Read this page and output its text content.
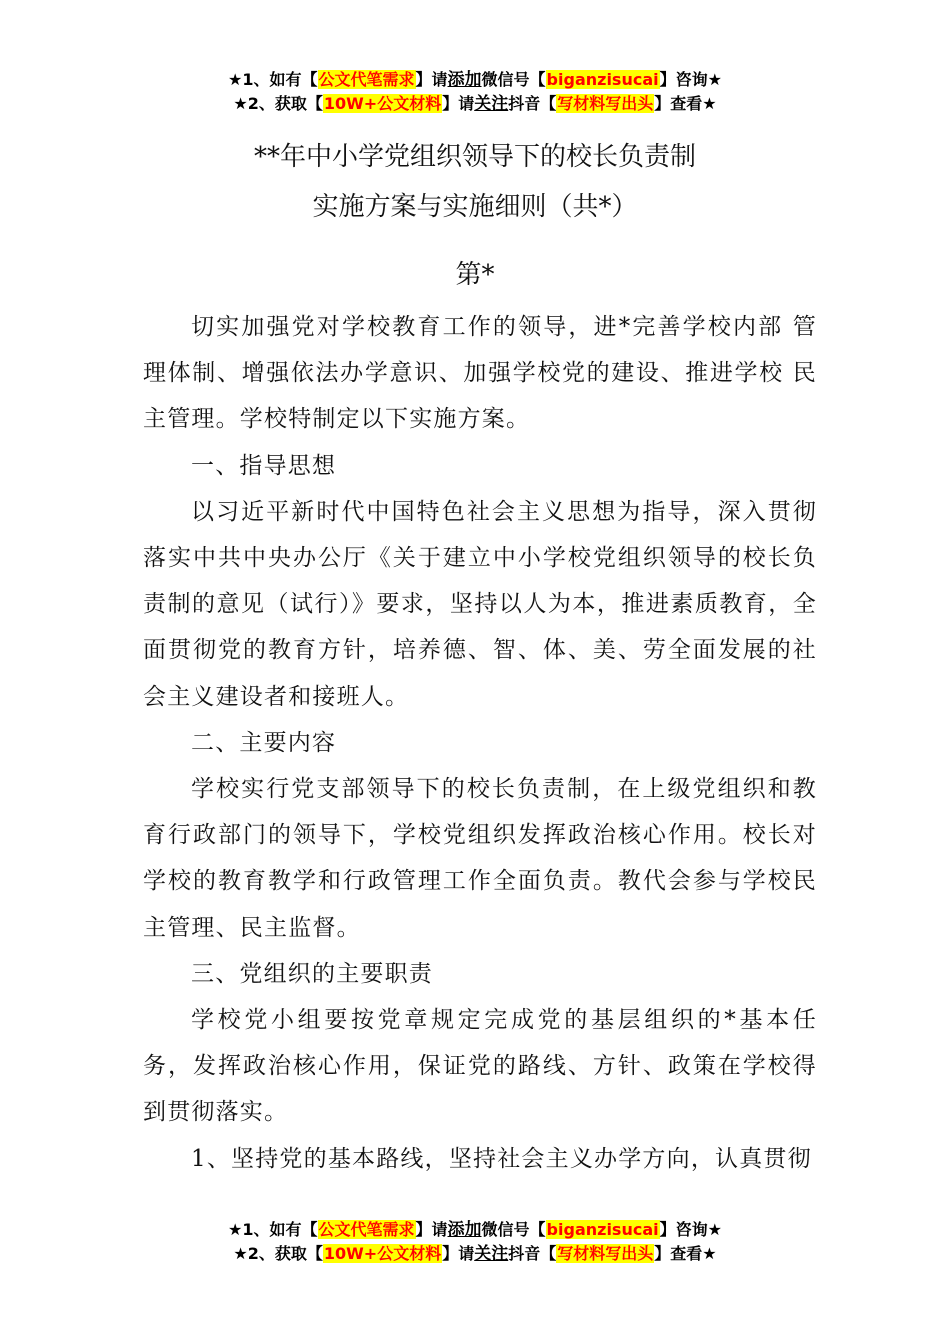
★1、如有【公文代笔需求】请添加微信号【biganzisucai】咨询★
★2、获取【10W+公文材料】请关注抖音【写材料写出头】查看★
**年中小学党组织领导下的校长负责制
实施方案与实施细则（共*）
第*

切实加强党对学校教育工作的领导，进*完善学校内部 管理体制、增强依法办学意识、加强学校党的建设、推进学校 民主管理。学校特制定以下实施方案。

一、指导思想

以习近平新时代中国特色社会主义思想为指导，深入贯彻落实中共中央办公厅《关于建立中小学校党组织领导的校长负责制的意见（试行）》要求，坚持以人为本，推进素质教育，全面贯彻党的教育方针，培养德、智、体、美、劳全面发展的社会主义建设者和接班人。

二、主要内容

学校实行党支部领导下的校长负责制，在上级党组织和教育行政部门的领导下，学校党组织发挥政治核心作用。校长对学校的教育教学和行政管理工作全面负责。教代会参与学校民主管理、民主监督。

三、党组织的主要职责

学校党小组要按党章规定完成党的基层组织的*基本任 务，发挥政治核心作用，保证党的路线、方针、政策在学校得 到贯彻落实。

1、坚持党的基本路线，坚持社会主义办学方向，认真贯彻

★1、如有【公文代笔需求】请添加微信号【biganzisucai】咨询★
★2、获取【10W+公文材料】请关注抖音【写材料写出头】查看★
